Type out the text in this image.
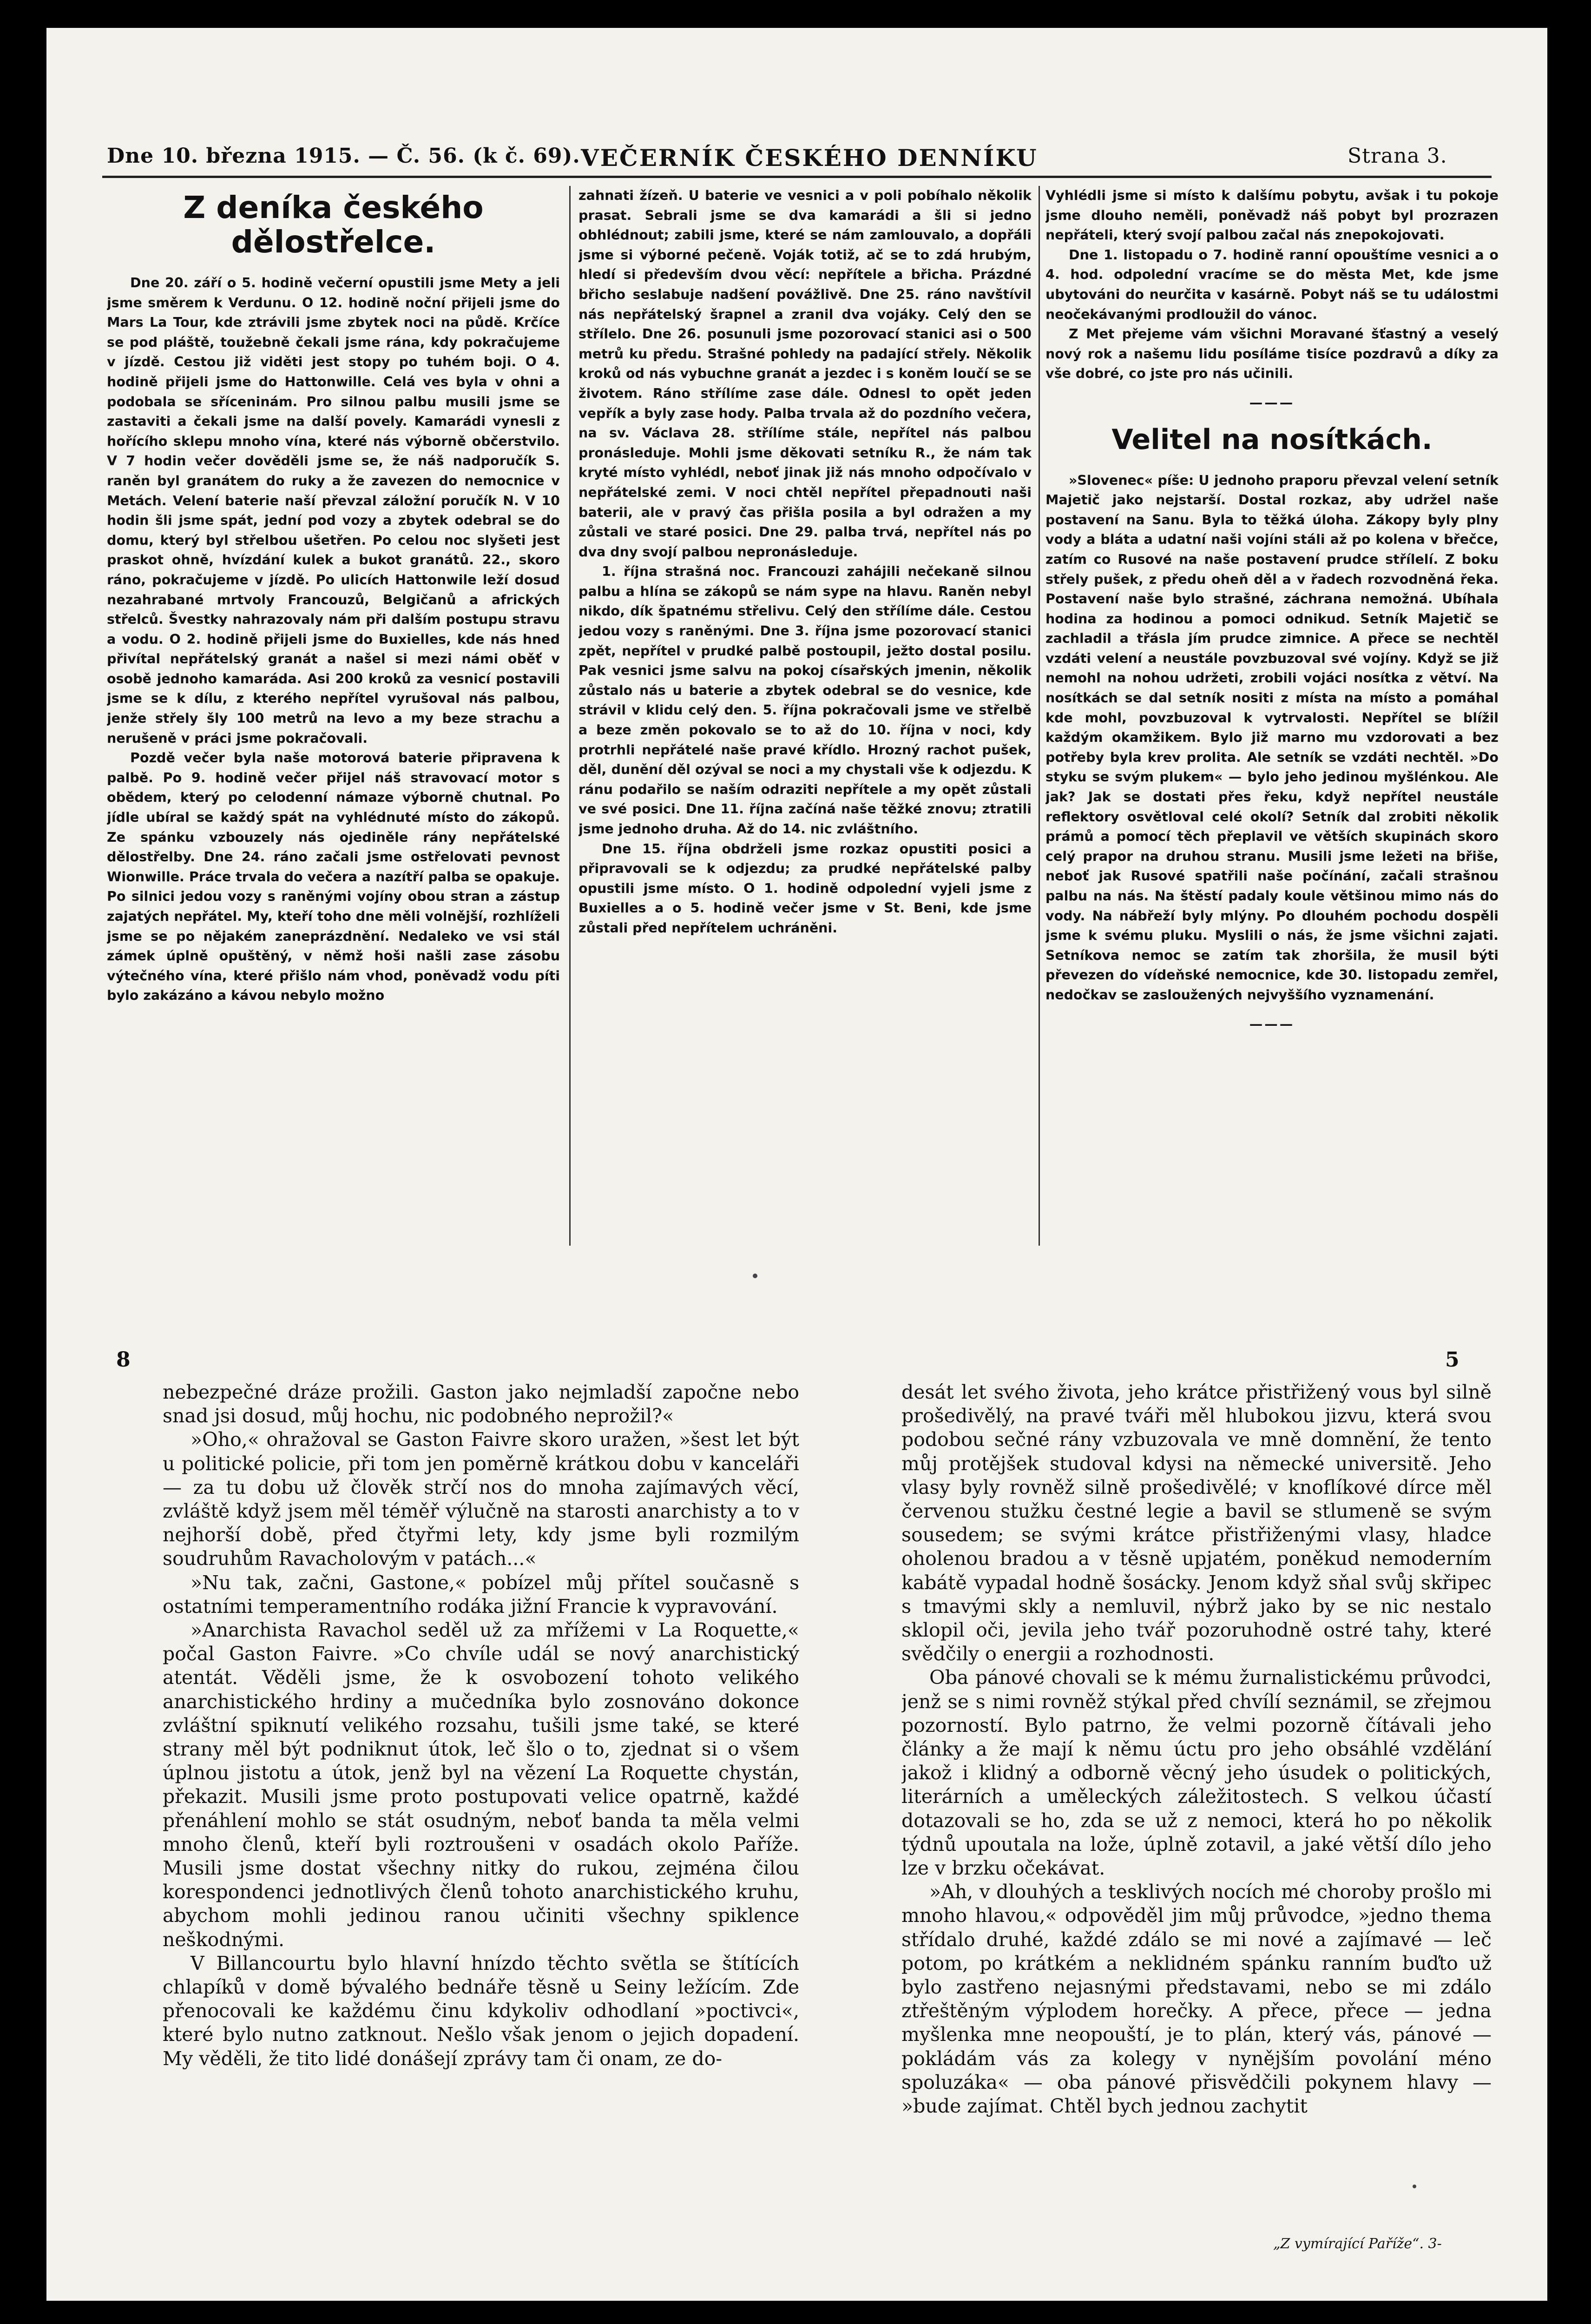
Dne 10. března 1915. — Č. 56. (k č. 69). VEČERNÍK ČESKÉHO DENNÍKU	Strana 3.
Z deníka českého dělostřelce.

Dne 20. září o 5. hodině večerní opustili jsme Mety a jeli jsme směrem k Verdunu. O 12. hodině noční přijeli jsme do Mars La Tour, kde ztrávili jsme zbytek noci na půdě. Krčíce se pod pláště, toužebně čekali jsme rána, kdy pokračujeme v jízdě. Cestou již viděti jest stopy po tuhém boji. O 4. hodině přijeli jsme do Hattonwille. Celá ves byla v ohni a podobala se sříceninám. Pro silnou palbu musili jsme se zastaviti a čekali jsme na další povely. Kamarádi vynesli z hořícího sklepu mnoho vína, které nás výborně občerstvilo. V 7 hodin večer dověděli jsme se, že náš nadporučík S. raněn byl granátem do ruky a že zavezen do nemocnice v Metách. Velení baterie naší převzal záložní poručík N. V 10 hodin šli jsme spát, jední pod vozy a zbytek odebral se do domu, který byl střelbou ušetřen. Po celou noc slyšeti jest praskot ohně, hvízdání kulek a bukot granátů. 22., skoro ráno, pokračujeme v jízdě. Po ulicích Hattonwile leží dosud nezahrabané mrtvoly Francouzů, Belgičanů a afrických střelců. Švestky nahrazovaly nám při dalším postupu stravu a vodu. O 2. hodině přijeli jsme do Buxielles, kde nás hned přivítal nepřátelský granát a našel si mezi námi oběť v osobě jednoho kamaráda. Asi 200 kroků za vesnicí postavili jsme se k dílu, z kterého nepřítel vyrušoval nás palbou, jenže střely šly 100 metrů na levo a my beze strachu a nerušeně v práci jsme pokračovali.

Pozdě večer byla naše motorová baterie připravena k palbě. Po 9. hodině večer přijel náš stravovací motor s obědem, který po celodenní námaze výborně chutnal. Po jídle ubíral se každý spát na vyhlédnuté místo do zákopů. Ze spánku vzbouzely nás ojediněle rány nepřátelské dělostřelby. Dne 24. ráno začali jsme ostřelovati pevnost Wionwille. Práce trvala do večera a nazítří palba se opakuje. Po silnici jedou vozy s raněnými vojíny obou stran a zástup zajatých nepřátel. My, kteří toho dne měli volnější, rozhlíželi jsme se po nějakém zaneprázdnění. Nedaleko ve vsi stál zámek úplně opuštěný, v němž hoši našli zase zásobu výtečného vína, které přišlo nám vhod, poněvadž vodu píti bylo zakázáno a kávou nebylo možno

zahnati žízeň. U baterie ve vesnici a v poli pobíhalo několik prasat. Sebrali jsme se dva kamarádi a šli si jedno obhlédnout; zabili jsme, které se nám zamlouvalo, a dopřáli jsme si výborné pečeně. Voják totiž, ač se to zdá hrubým, hledí si především dvou věcí: nepřítele a břicha. Prázdné břicho seslabuje nadšení povážlivě. Dne 25. ráno navštívil nás nepřátelský šrapnel a zranil dva vojáky. Celý den se střílelo. Dne 26. posunuli jsme pozorovací stanici asi o 500 metrů ku předu. Strašné pohledy na padající střely. Několik kroků od nás vybuchne granát a jezdec i s koněm loučí se se životem. Ráno střílíme zase dále. Odnesl to opět jeden vepřík a byly zase hody. Palba trvala až do pozdního večera, na sv. Václava 28. střílíme stále, nepřítel nás palbou pronásleduje. Mohli jsme děkovati setníku R., že nám tak kryté místo vyhlédl, neboť jinak již nás mnoho odpočívalo v nepřátelské zemi. V noci chtěl nepřítel přepadnouti naši baterii, ale v pravý čas přišla posila a byl odražen a my zůstali ve staré posici. Dne 29. palba trvá, nepřítel nás po dva dny svojí palbou nepronásleduje.

1. října strašná noc. Francouzi zahájili nečekaně silnou palbu a hlína se zákopů se nám sype na hlavu. Raněn nebyl nikdo, dík špatnému střelivu. Celý den střílíme dále. Cestou jedou vozy s raněnými. Dne 3. října jsme pozorovací stanici zpět, nepřítel v prudké palbě postoupil, ježto dostal posilu. Pak vesnici jsme salvu na pokoj císařských jmenin, několik zůstalo nás u baterie a zbytek odebral se do vesnice, kde strávil v klidu celý den. 5. října pokračovali jsme ve střelbě a beze změn pokovalo se to až do 10. října v noci, kdy protrhli nepřátelé naše pravé křídlo. Hrozný rachot pušek, děl, dunění děl ozýval se noci a my chystali vše k odjezdu. K ránu podařilo se naším odraziti nepřítele a my opět zůstali ve své posici. Dne 11. října začíná naše těžké znovu; ztratili jsme jednoho druha. Až do 14. nic zvláštního.

Dne 15. října obdrželi jsme rozkaz opustiti posici a připravovali se k odjezdu; za prudké nepřátelské palby opustili jsme místo. O 1. hodině odpolední vyjeli jsme z Buxielles a o 5. hodině večer jsme v St. Beni, kde jsme zůstali před nepřítelem uchráněni.

Vyhlédli jsme si místo k dalšímu pobytu, avšak i tu pokoje jsme dlouho neměli, poněvadž náš pobyt byl prozrazen nepřáteli, který svojí palbou začal nás znepokojovati.

Dne 1. listopadu o 7. hodině ranní opouštíme vesnici a o 4. hod. odpolední vracíme se do města Met, kde jsme ubytováni do neurčita v kasárně. Pobyt náš se tu událostmi neočekávanými prodloužil do vánoc.

Z Met přejeme vám všichni Moravané šťastný a veselý nový rok a našemu lidu posíláme tisíce pozdravů a díky za vše dobré, co jste pro nás učinili.

———
Velitel na nosítkách.

»Slovenec« píše: U jednoho praporu převzal velení setník Majetič jako nejstarší. Dostal rozkaz, aby udržel naše postavení na Sanu. Byla to těžká úloha. Zákopy byly plny vody a bláta a udatní naši vojíni stáli až po kolena v břečce, zatím co Rusové na naše postavení prudce střílelí. Z boku střely pušek, z předu oheň děl a v řadech rozvodněná řeka. Postavení naše bylo strašné, záchrana nemožná. Ubíhala hodina za hodinou a pomoci odnikud. Setník Majetič se zachladil a třásla jím prudce zimnice. A přece se nechtěl vzdáti velení a neustále povzbuzoval své vojíny. Když se již nemohl na nohou udržeti, zrobili vojáci nosítka z větví. Na nosítkách se dal setník nositi z místa na místo a pomáhal kde mohl, povzbuzoval k vytrvalosti. Nepřítel se blížil každým okamžikem. Bylo již marno mu vzdorovati a bez potřeby byla krev prolita. Ale setník se vzdáti nechtěl. »Do styku se svým plukem« — bylo jeho jedinou myšlénkou. Ale jak? Jak se dostati přes řeku, když nepřítel neustále reflektory osvětloval celé okolí? Setník dal zrobiti několik prámů a pomocí těch přeplavil ve větších skupinách skoro celý prapor na druhou stranu. Musili jsme ležeti na břiše, neboť jak Rusové spatřili naše počínání, začali strašnou palbu na nás. Na štěstí padaly koule většinou mimo nás do vody. Na nábřeží byly mlýny. Po dlouhém pochodu dospěli jsme k svému pluku. Myslili o nás, že jsme všichni zajati. Setníkova nemoc se zatím tak zhoršila, že musil býti převezen do vídeňské nemocnice, kde 30. listopadu zemřel, nedočkav se zasloužených nejvyššího vyznamenání.

———
8	5

nebezpečné dráze prožili. Gaston jako nejmladší započne nebo snad jsi dosud, můj hochu, nic podobného neprožil?«

»Oho,« ohražoval se Gaston Faivre skoro uražen, »šest let být u politické policie, při tom jen poměrně krátkou dobu v kanceláři — za tu dobu už člověk strčí nos do mnoha zajímavých věcí, zvláště když jsem měl téměř výlučně na starosti anarchisty a to v nejhorší době, před čtyřmi lety, kdy jsme byli rozmilým soudruhům Ravacholovým v patách...«

»Nu tak, začni, Gastone,« pobízel můj přítel současně s ostatními temperamentního rodáka jižní Francie k vypravování.

»Anarchista Ravachol seděl už za mřížemi v La Roquette,« počal Gaston Faivre. »Co chvíle udál se nový anarchistický atentát. Věděli jsme, že k osvobození tohoto velikého anarchistického hrdiny a mučedníka bylo zosnováno dokonce zvláštní spiknutí velikého rozsahu, tušili jsme také, se které strany měl být podniknut útok, leč šlo o to, zjednat si o všem úplnou jistotu a útok, jenž byl na vězení La Roquette chystán, překazit. Musili jsme proto postupovati velice opatrně, každé přenáhlení mohlo se stát osudným, neboť banda ta měla velmi mnoho členů, kteří byli roztroušeni v osadách okolo Paříže. Musili jsme dostat všechny nitky do rukou, zejména čilou korespondenci jednotlivých členů tohoto anarchistického kruhu, abychom mohli jedinou ranou učiniti všechny spiklence neškodnými.

V Billancourtu bylo hlavní hnízdo těchto světla se štítících chlapíků v domě bývalého bednáře těsně u Seiny ležícím. Zde přenocovali ke každému činu kdykoliv odhodlaní »poctivci«, které bylo nutno zatknout. Nešlo však jenom o jejich dopadení. My věděli, že tito lidé donášejí zprávy tam či onam, ze do-

desát let svého života, jeho krátce přistřižený vous byl silně prošedivělý, na pravé tváři měl hlubokou jizvu, která svou podobou sečné rány vzbuzovala ve mně domnění, že tento můj protějšek studoval kdysi na německé universitě. Jeho vlasy byly rovněž silně prošedivělé; v knoflíkové dírce měl červenou stužku čestné legie a bavil se stlumeně se svým sousedem; se svými krátce přistřiženými vlasy, hladce oholenou bradou a v těsně upjatém, poněkud nemoderním kabátě vypadal hodně šosácky. Jenom když sňal svůj skřipec s tmavými skly a nemluvil, nýbrž jako by se nic nestalo sklopil oči, jevila jeho tvář pozoruhodně ostré tahy, které svědčily o energii a rozhodnosti.

Oba pánové chovali se k mému žurnalistickému průvodci, jenž se s nimi rovněž stýkal před chvílí seznámil, se zřejmou pozorností. Bylo patrno, že velmi pozorně čítávali jeho články a že mají k němu úctu pro jeho obsáhlé vzdělání jakož i klidný a odborně věcný jeho úsudek o politických, literárních a uměleckých záležitostech. S velkou účastí dotazovali se ho, zda se už z nemoci, která ho po několik týdnů upoutala na lože, úplně zotavil, a jaké větší dílo jeho lze v brzku očekávat.

»Ah, v dlouhých a tesklivých nocích mé choroby prošlo mi mnoho hlavou,« odpověděl jim můj průvodce, »jedno thema střídalo druhé, každé zdálo se mi nové a zajímavé — leč potom, po krátkém a neklidném spánku ranním buďto už bylo zastřeno nejasnými představami, nebo se mi zdálo ztřeštěným výplodem horečky. A přece, přece — jedna myšlenka mne neopouští, je to plán, který vás, pánové — pokládám vás za kolegy v nynějším povolání méno spoluzáka« — oba pánové přisvědčili pokynem hlavy — »bude zajímat. Chtěl bych jednou zachytit

„Z vymírající Paříže“. 3-
